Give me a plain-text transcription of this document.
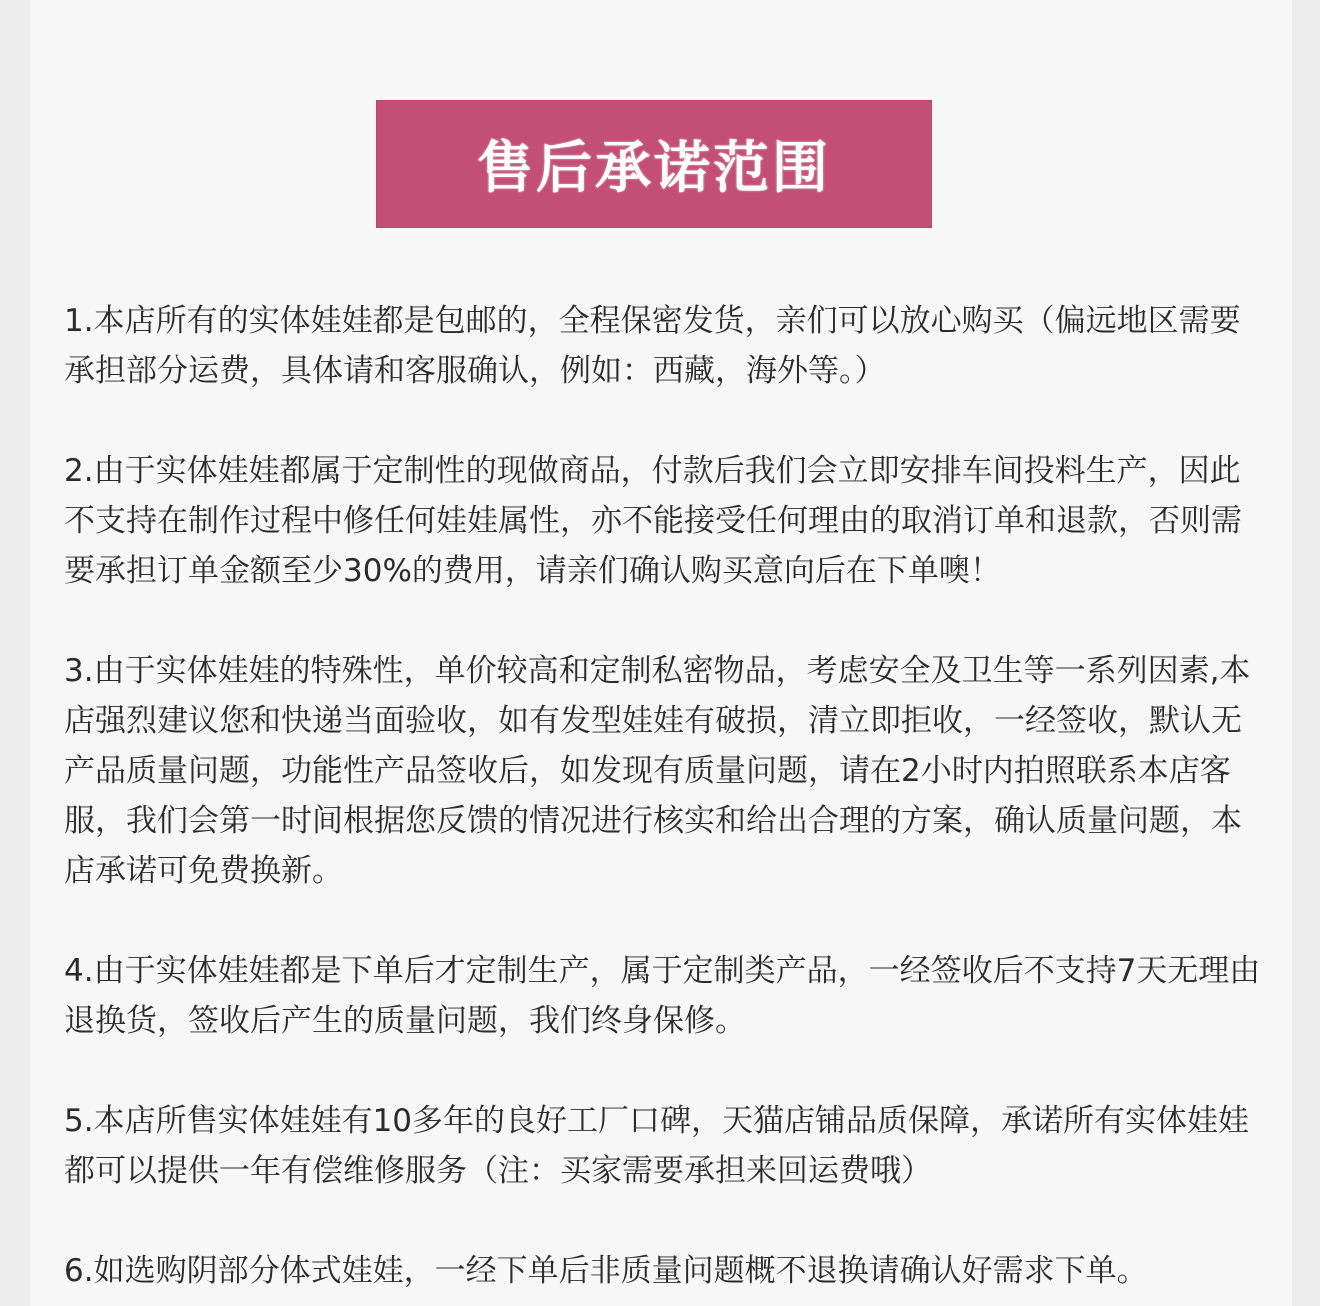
售后承诺范围

1.本店所有的实体娃娃都是包邮的，全程保密发货，亲们可以放心购买（偏远地区需要承担部分运费，具体请和客服确认，例如：西藏，海外等。）

2.由于实体娃娃都属于定制性的现做商品，付款后我们会立即安排车间投料生产，因此不支持在制作过程中修任何娃娃属性，亦不能接受任何理由的取消订单和退款，否则需要承担订单金额至少30%的费用，请亲们确认购买意向后在下单噢！

3.由于实体娃娃的特殊性，单价较高和定制私密物品，考虑安全及卫生等一系列因素,本店强烈建议您和快递当面验收，如有发型娃娃有破损，清立即拒收，一经签收，默认无产品质量问题，功能性产品签收后，如发现有质量问题，请在2小时内拍照联系本店客服，我们会第一时间根据您反馈的情况进行核实和给出合理的方案，确认质量问题，本店承诺可免费换新。

4.由于实体娃娃都是下单后才定制生产，属于定制类产品，一经签收后不支持7天无理由退换货，签收后产生的质量问题，我们终身保修。

5.本店所售实体娃娃有10多年的良好工厂口碑，天猫店铺品质保障，承诺所有实体娃娃都可以提供一年有偿维修服务（注：买家需要承担来回运费哦）

6.如选购阴部分体式娃娃，一经下单后非质量问题概不退换请确认好需求下单。
